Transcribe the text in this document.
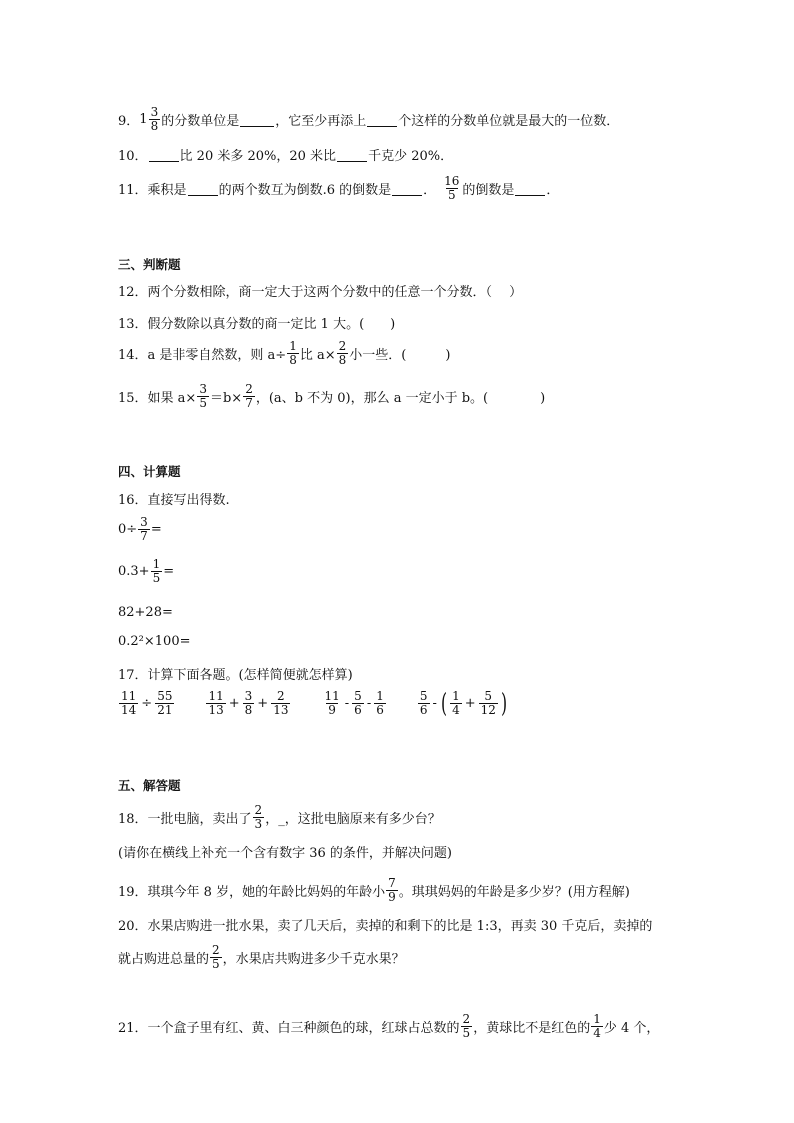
9． $1 \frac{3}{8}$ 的分数单位是	，它至少再添上 个这样的分数单位就是最大的一位数．
10． 比 20 米多 20%，20 米比 千克少 20%．
11． 乘积是 的两个数互为倒数.6 的倒数是 ． $\frac{16}{5}$ 的倒数是 ．
三、判断题
12．两个分数相除，商一定大于这两个分数中的任意一个分数．（　 ）
13．假分数除以真分数的商一定比 1 大。(　　)
14．a 是非零自然数，则 $a\div \frac{1}{8}$ 比 $a\times \frac{2}{8}$ 小一些．(　　　)
15．如果 $a\times \frac{3}{5} =b\times \frac{2}{7}$ ，(a、b 不为 0)，那么 a 一定小于 b。(　　　　)
四、计算题
16．直接写出得数.
$0\div \frac{3}{7}$ =
$0.3+ \frac{1}{5}$ =
82+28=
0.2²×100=
17．计算下面各题。(怎样简便就怎样算)
$\frac{11}{14} \div \frac{55}{21}$	$\frac{11}{13} + \frac{3}{8} + \frac{2}{13}$	$\frac{11}{9} - \frac{5}{6} - \frac{1}{6}$	$\frac{5}{6}$ - ( $\frac{1}{4} + \frac{5}{12}$ )
五、解答题
18．一批电脑，卖出了 $\frac{2}{3}$ ，_，这批电脑原来有多少台？
(请你在横线上补充一个含有数字 36 的条件，并解决问题)
19．琪琪今年 8 岁，她的年龄比妈妈的年龄小 $\frac{7}{9}$ 。琪琪妈妈的年龄是多少岁？(用方程解)
20．水果店购进一批水果，卖了几天后，卖掉的和剩下的比是 1:3，再卖 30 千克后，卖掉的
就占购进总量的 $\frac{2}{5}$ ，水果店共购进多少千克水果？
21．一个盒子里有红、黄、白三种颜色的球，红球占总数的 $\frac{2}{5}$ ，黄球比不是红色的 $\frac{1}{4}$ 少 4 个，
